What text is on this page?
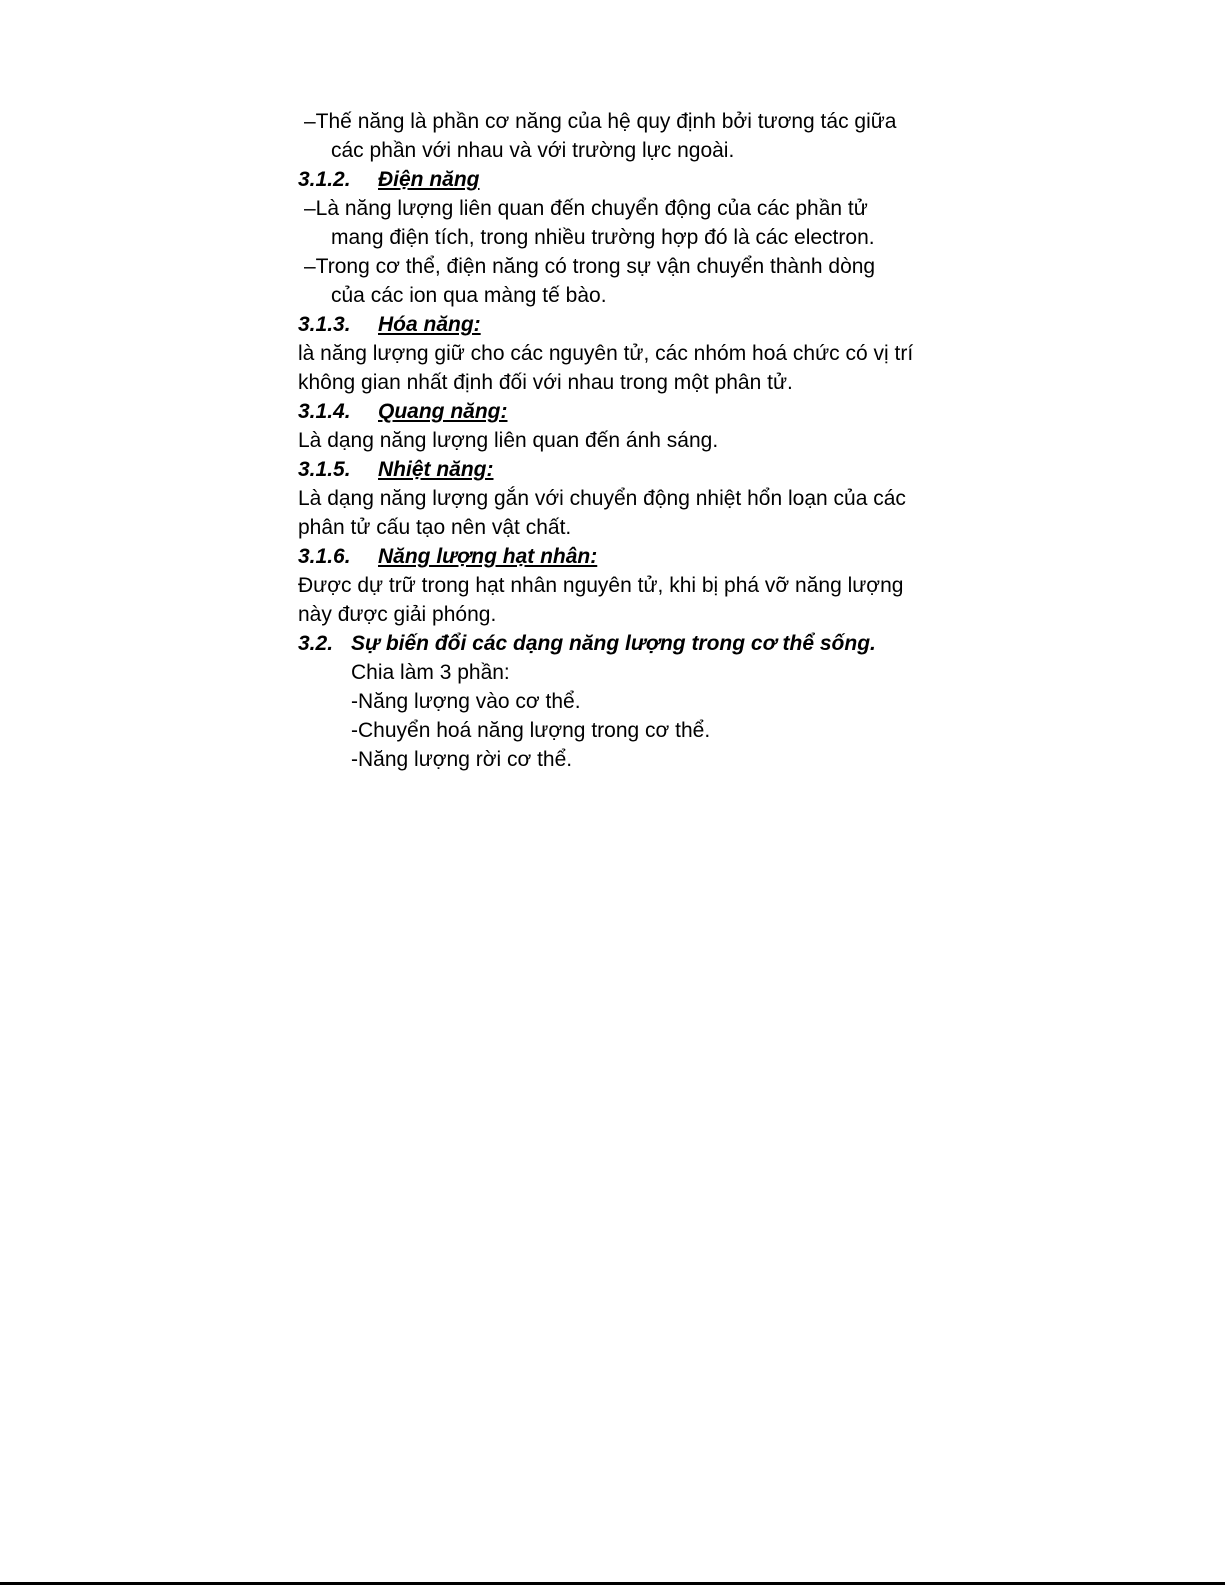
–Thế năng là phần cơ năng của hệ quy định bởi tương tác giữa
các phần với nhau và với trường lực ngoài.
3.1.2. Điện năng
–Là năng lượng liên quan đến chuyển động của các phần tử
mang điện tích, trong nhiều trường hợp đó là các electron.
–Trong cơ thể, điện năng có trong sự vận chuyển thành dòng
của các ion qua màng tế bào.
3.1.3. Hóa năng:
là năng lượng giữ cho các nguyên tử, các nhóm hoá chức có vị trí
không gian nhất định đối với nhau trong một phân tử.
3.1.4. Quang năng:
Là dạng năng lượng liên quan đến ánh sáng.
3.1.5. Nhiệt năng:
Là dạng năng lượng gắn với chuyển động nhiệt hổn loạn của các
phân tử cấu tạo nên vật chất.
3.1.6. Năng lượng hạt nhân:
Được dự trữ trong hạt nhân nguyên tử, khi bị phá vỡ năng lượng
này được giải phóng.
3.2. Sự biến đổi các dạng năng lượng trong cơ thể sống.
Chia làm 3 phần:
-Năng lượng vào cơ thể.
-Chuyển hoá năng lượng trong cơ thể.
-Năng lượng rời cơ thể.
